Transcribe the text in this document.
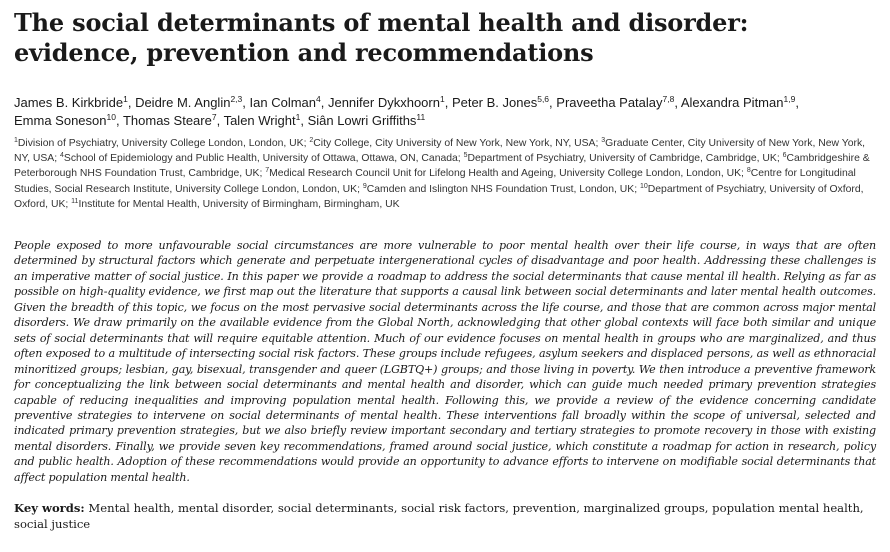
The social determinants of mental health and disorder: evidence, prevention and recommendations
James B. Kirkbride$^1$, Deidre M. Anglin$^{2,3}$, Ian Colman$^4$, Jennifer Dykxhoorn$^1$, Peter B. Jones$^{5,6}$, Praveetha Patalay$^{7,8}$, Alexandra Pitman$^{1,9}$,
Emma Soneson$^{10}$, Thomas Steare$^7$, Talen Wright$^1$, Siân Lowri Griffiths$^{11}$
$^1$Division of Psychiatry, University College London, London, UK; $^2$City College, City University of New York, New York, NY, USA; $^3$Graduate Center, City University of New York, New York, NY, USA; $^4$School of Epidemiology and Public Health, University of Ottawa, Ottawa, ON, Canada; $^5$Department of Psychiatry, University of Cambridge, Cambridge, UK; $^6$Cambridgeshire & Peterborough NHS Foundation Trust, Cambridge, UK; $^7$Medical Research Council Unit for Lifelong Health and Ageing, University College London, London, UK; $^8$Centre for Longitudinal Studies, Social Research Institute, University College London, London, UK; $^9$Camden and Islington NHS Foundation Trust, London, UK; $^{10}$Department of Psychiatry, University of Oxford, Oxford, UK; $^{11}$Institute for Mental Health, University of Birmingham, Birmingham, UK

People exposed to more unfavourable social circumstances are more vulnerable to poor mental health over their life course, in ways that are often determined by structural factors which generate and perpetuate intergenerational cycles of disadvantage and poor health. Addressing these challenges is an imperative matter of social justice. In this paper we provide a roadmap to address the social determinants that cause mental ill health. Relying as far as possible on high-quality evidence, we first map out the literature that supports a causal link between social determinants and later mental health outcomes. Given the breadth of this topic, we focus on the most pervasive social determinants across the life course, and those that are common across major mental disorders. We draw primarily on the available evidence from the Global North, acknowledging that other global contexts will face both similar and unique sets of social determinants that will require equitable attention. Much of our evidence focuses on mental health in groups who are marginalized, and thus often exposed to a multitude of intersecting social risk factors. These groups include refugees, asylum seekers and displaced persons, as well as ethnoracial minoritized groups; lesbian, gay, bisexual, transgender and queer (LGBTQ+) groups; and those living in poverty. We then introduce a preventive framework for conceptualizing the link between social determinants and mental health and disorder, which can guide much needed primary prevention strategies capable of reducing inequalities and improving population mental health. Following this, we provide a review of the evidence concerning candidate preventive strategies to intervene on social determinants of mental health. These interventions fall broadly within the scope of universal, selected and indicated primary prevention strategies, but we also briefly review important secondary and tertiary strategies to promote recovery in those with existing mental disorders. Finally, we provide seven key recommendations, framed around social justice, which constitute a roadmap for action in research, policy and public health. Adoption of these recommendations would provide an opportunity to advance efforts to intervene on modifiable social determinants that affect population mental health.

Key words: Mental health, mental disorder, social determinants, social risk factors, prevention, marginalized groups, population mental health, social justice
